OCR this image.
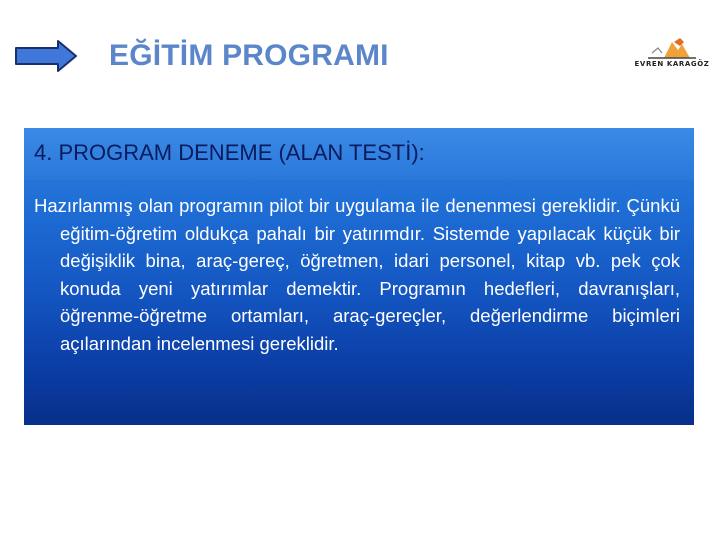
EĞİTİM PROGRAMI	EVREN KARAGÖZ
4. PROGRAM DENEME (ALAN TESTİ):

Hazırlanmış olan programın pilot bir uygulama ile denenmesi gereklidir. Çünkü eğitim-öğretim oldukça pahalı bir yatırımdır. Sistemde yapılacak küçük bir değişiklik bina, araç-gereç, öğretmen, idari personel, kitap vb. pek çok konuda yeni yatırımlar demektir. Programın hedefleri, davranışları, öğrenme-öğretme ortamları, araç-gereçler, değerlendirme biçimleri açılarından incelenmesi gereklidir.
